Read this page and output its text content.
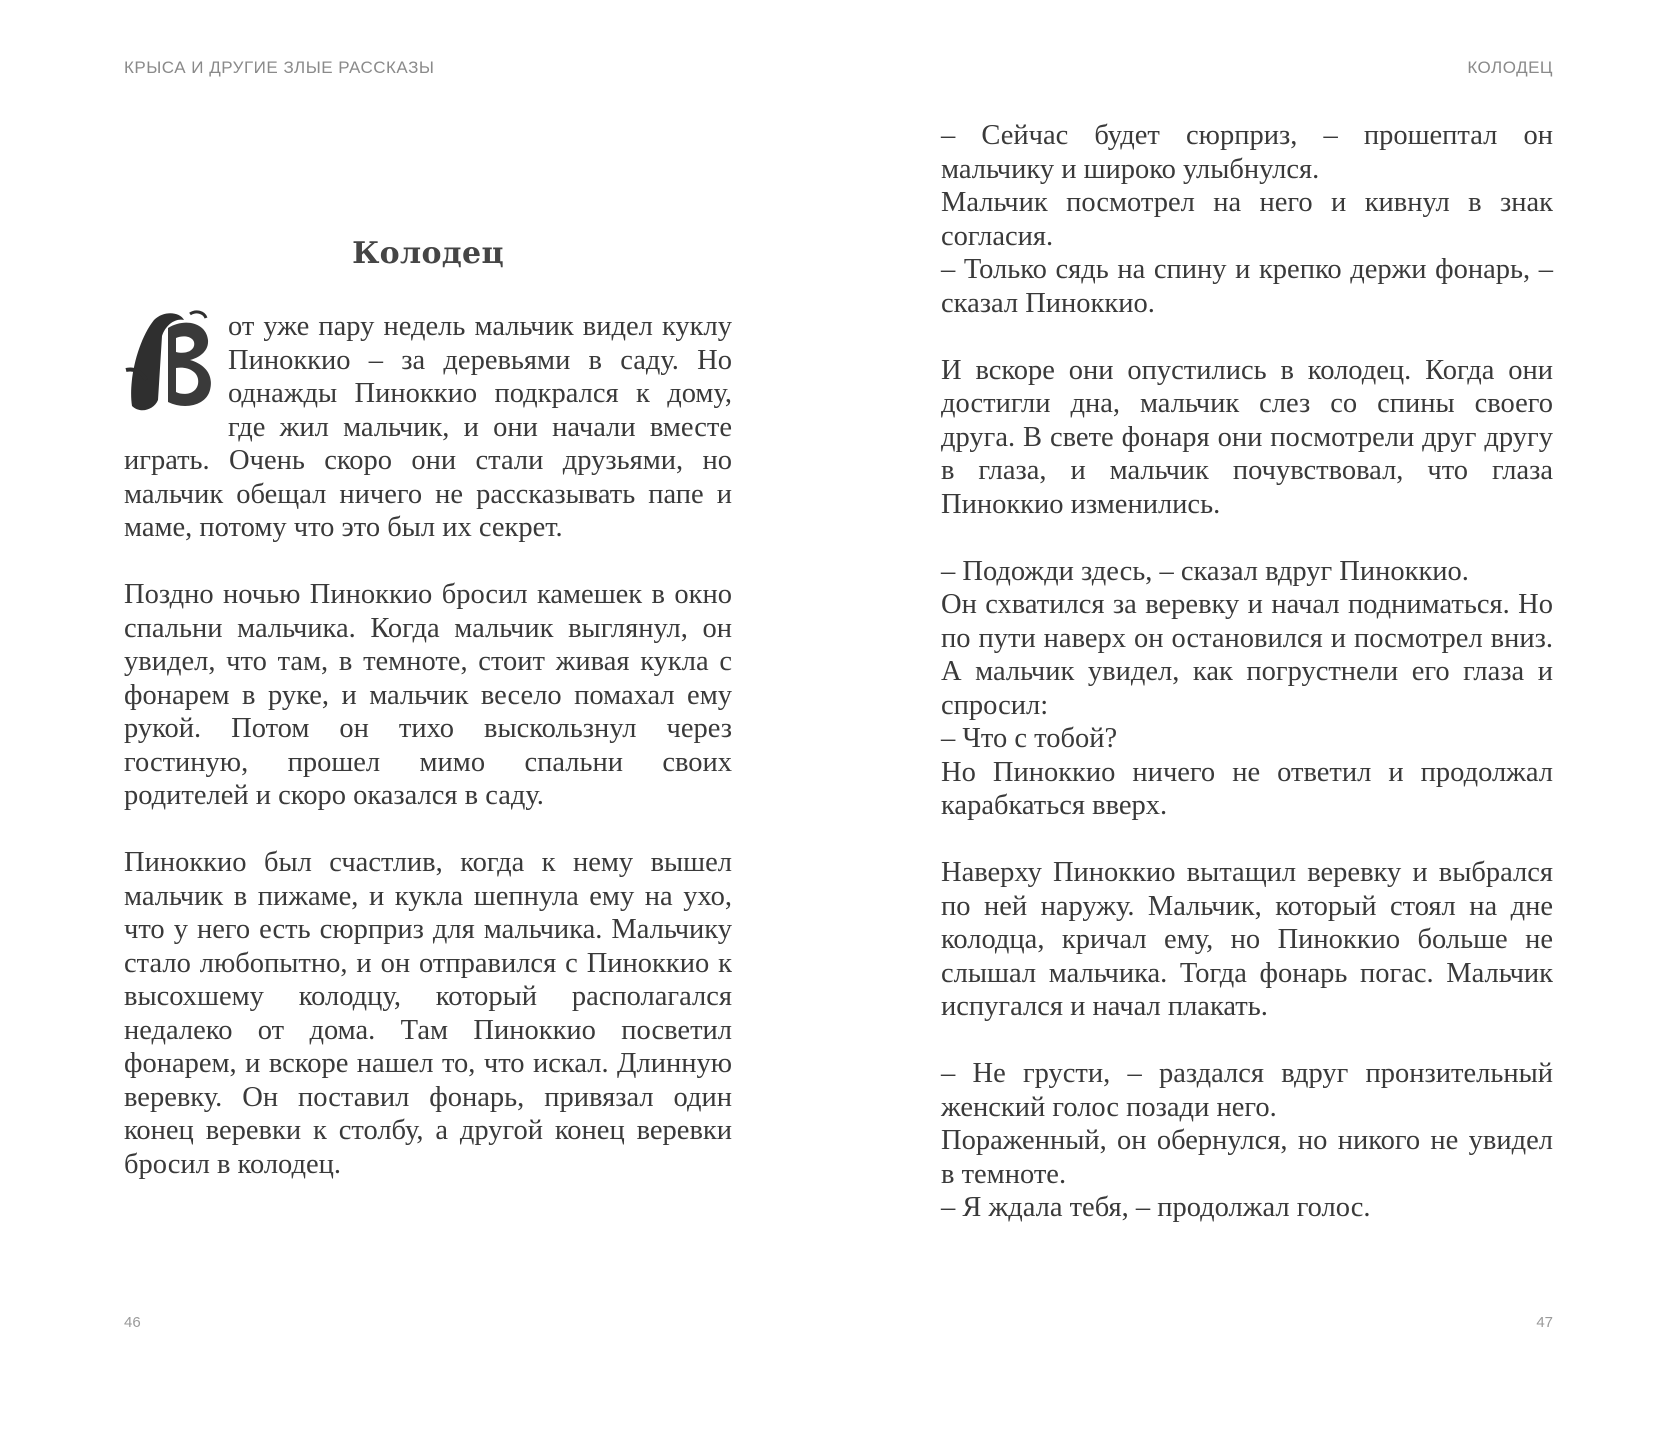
КРЫСА И ДРУГИЕ ЗЛЫЕ РАССКАЗЫ

Колодец

от уже пару недель мальчик видел куклу Пиноккио – за деревьями в саду. Но однажды Пиноккио подкрался к дому, где жил мальчик, и они начали вместе играть. Очень скоро они стали друзьями, но мальчик обещал ничего не рассказывать папе и маме, потому что это был их секрет.

Поздно ночью Пиноккио бросил камешек в окно спальни мальчика. Когда мальчик выглянул, он увидел, что там, в темноте, стоит живая кукла с фонарем в руке, и мальчик весело помахал ему рукой. Потом он тихо выскользнул через гостиную, прошел мимо спальни своих родителей и скоро оказался в саду.

Пиноккио был счастлив, когда к нему вышел мальчик в пижаме, и кукла шепнула ему на ухо, что у него есть сюрприз для мальчика. Мальчику стало любопытно, и он отправился с Пиноккио к высохшему колодцу, который располагался недалеко от дома. Там Пиноккио посветил фонарем, и вскоре нашел то, что искал. Длинную веревку. Он поставил фонарь, привязал один конец веревки к столбу, а другой конец веревки бросил в колодец.

46

КОЛОДЕЦ

– Сейчас будет сюрприз, – прошептал он мальчику и широко улыбнулся.

Мальчик посмотрел на него и кивнул в знак согласия.

– Только сядь на спину и крепко держи фонарь, – сказал Пиноккио.

И вскоре они опустились в колодец. Когда они достигли дна, мальчик слез со спины своего друга. В свете фонаря они посмотрели друг другу в глаза, и мальчик почувствовал, что глаза Пиноккио изменились.

– Подожди здесь, – сказал вдруг Пиноккио.

Он схватился за веревку и начал подниматься. Но по пути наверх он остановился и посмотрел вниз. А мальчик увидел, как погрустнели его глаза и спросил:

– Что с тобой?

Но Пиноккио ничего не ответил и продолжал карабкаться вверх.

Наверху Пиноккио вытащил веревку и выбрался по ней наружу. Мальчик, который стоял на дне колодца, кричал ему, но Пиноккио больше не слышал мальчика. Тогда фонарь погас. Мальчик испугался и начал плакать.

– Не грусти, – раздался вдруг пронзительный женский голос позади него.

Пораженный, он обернулся, но никого не увидел в темноте.

– Я ждала тебя, – продолжал голос.

47
